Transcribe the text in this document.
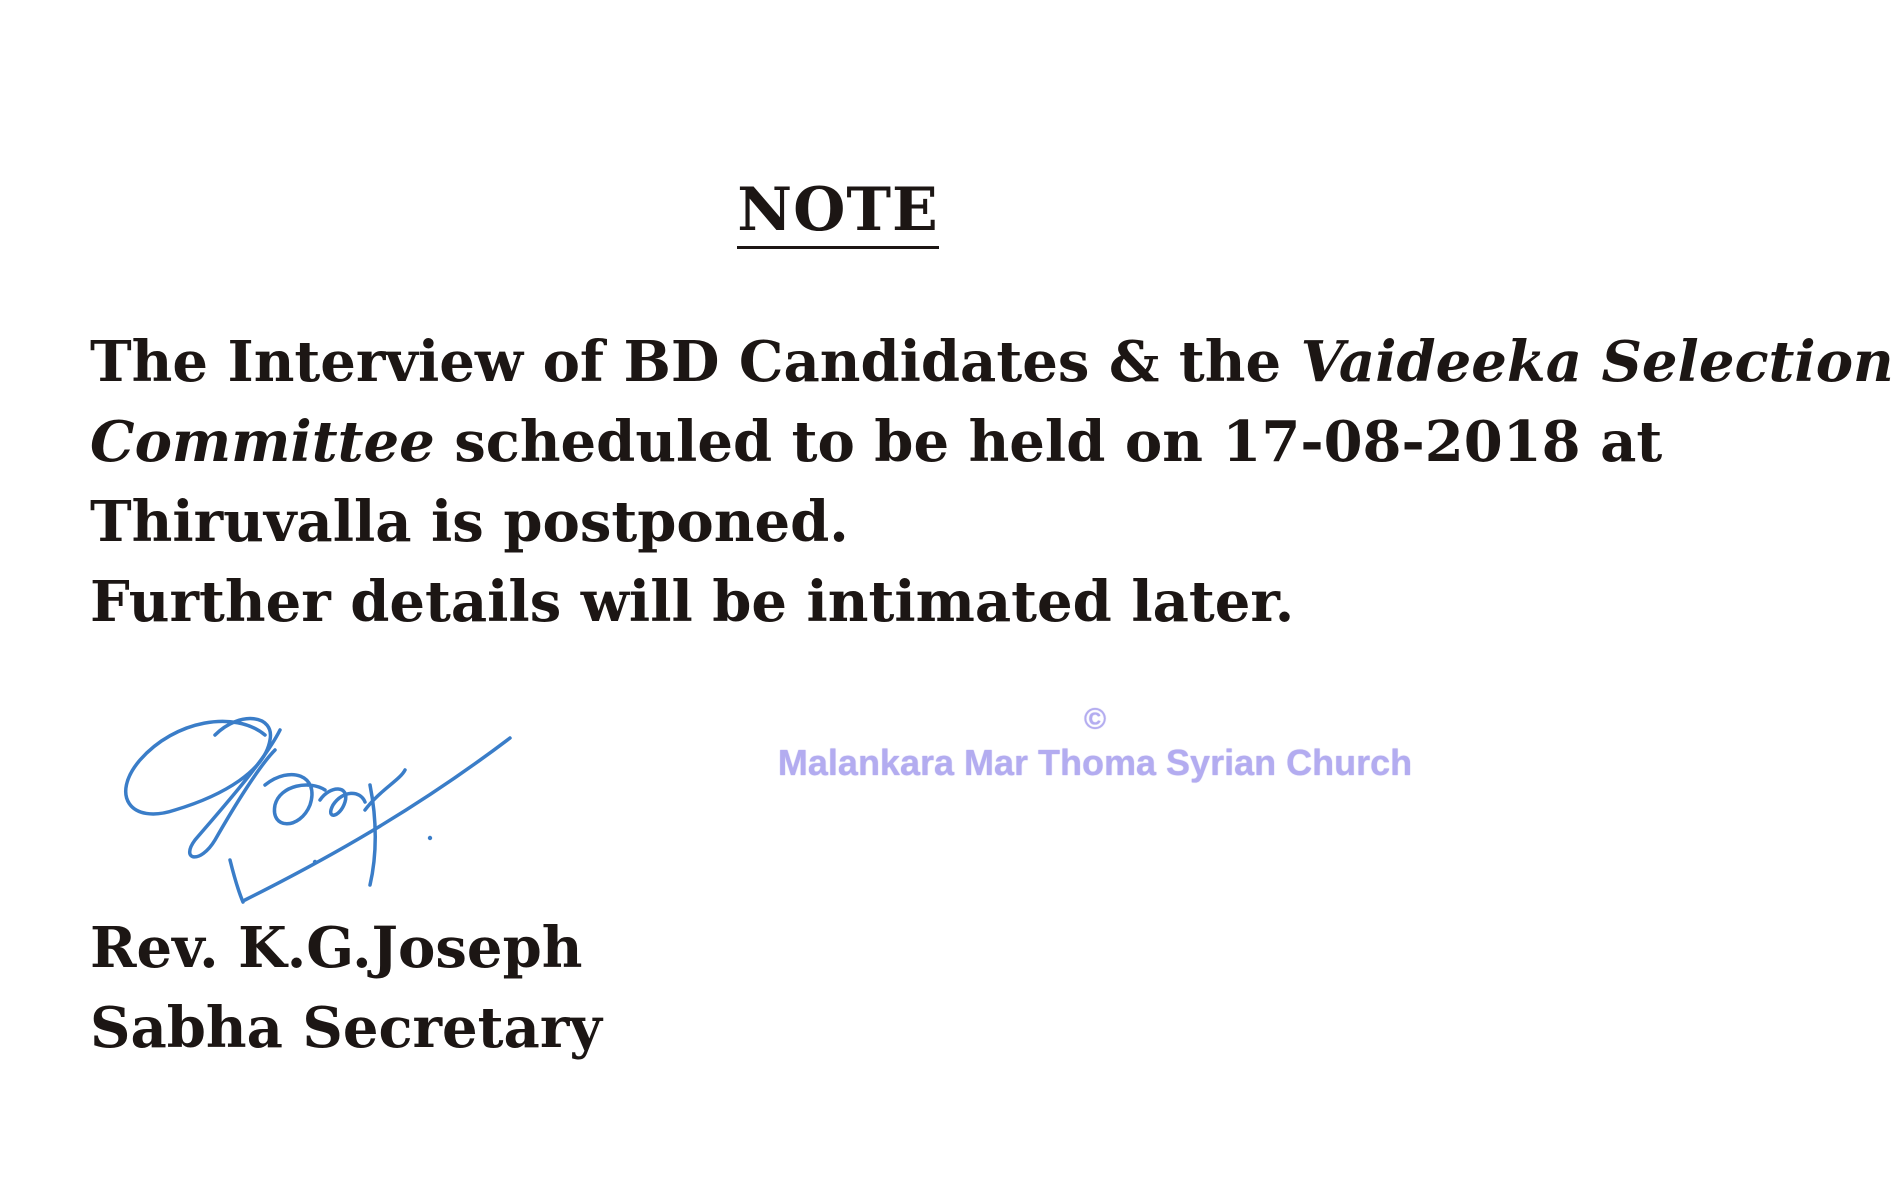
NOTE
The Interview of BD Candidates & the Vaideeka Selection
Committee scheduled to be held on 17-08-2018 at
Thiruvalla is postponed.
Further details will be intimated later.
Rev. K.G.Joseph
Sabha Secretary
©
Malankara Mar Thoma Syrian Church
